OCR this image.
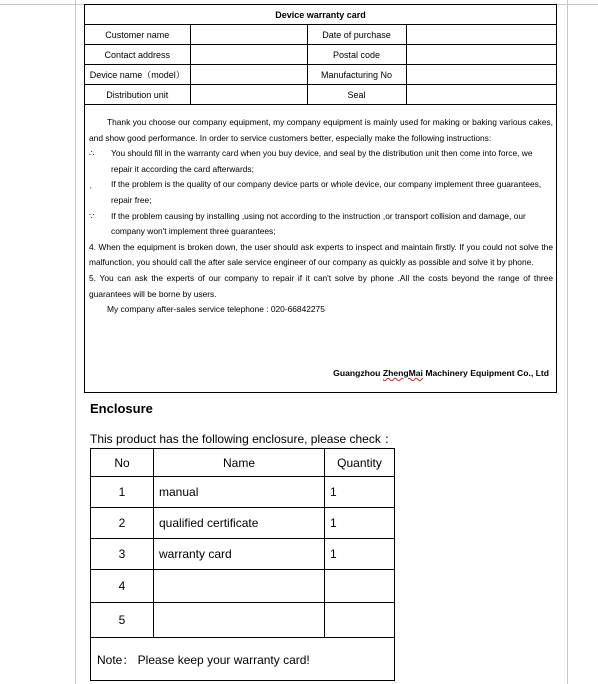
Device warranty card			
Customer name		Date of purchase	
Contact address		Postal code	
Device name（model）		Manufacturing No	
Distribution unit		Seal	

Thank you choose our company equipment, my company equipment is mainly used for making or baking various cakes, and show good performance. In order to service customers better, especially make the following instructions:

∴	You should fill in the warranty card when you buy device, and seal by the distribution unit then come into force, we repair it according the card afterwards;

ˏ	If the problem is the quality of our company device parts or whole device, our company implement three guarantees, repair free;

∵	If the problem causing by installing ,using not according to the instruction ,or transport collision and damage, our company won't implement three guarantees;

4. When the equipment is broken down, the user should ask experts to inspect and maintain firstly. If you could not solve the malfunction, you should call the after sale service engineer of our company as quickly as possible and solve it by phone.

5. You can ask the experts of our company to repair if it can't solve by phone .All the costs beyond the range of three guarantees will be borne by users.

My company after-sales service telephone : 020-66842275

Guangzhou ZhengMai Machinery Equipment Co., Ltd
Enclosure
This product has the following enclosure, please check ：
No	Name	Quantity
1	manual	1
2	qualified certificate	1
3	warranty card	1
4		
5		
Note： Please keep your warranty card!		
